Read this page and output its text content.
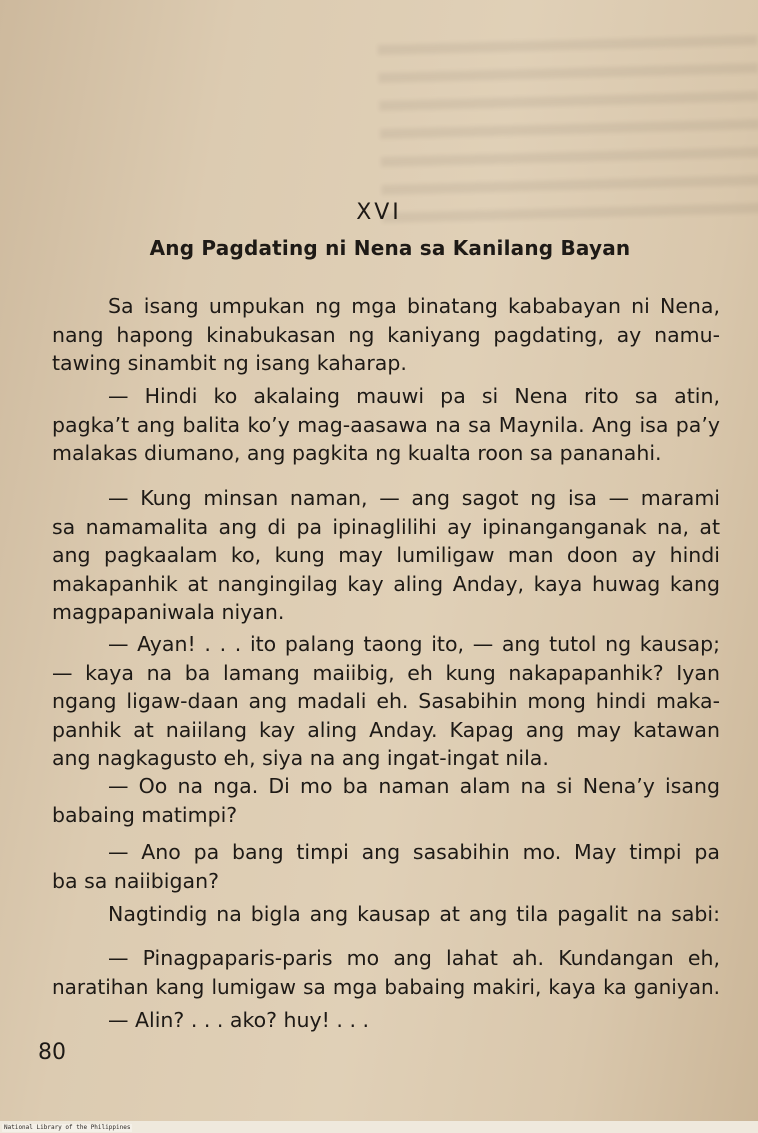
XVI
Ang Pagdating ni Nena sa Kanilang Bayan

Sa isang umpukan ng mga binatang kababayan ni Nena,
nang hapong kinabukasan ng kaniyang pagdating, ay namu-
tawing sinambit ng isang kaharap.

— Hindi ko akalaing mauwi pa si Nena rito sa atin,
pagka’t ang balita ko’y mag-aasawa na sa Maynila. Ang isa pa’y
malakas diumano, ang pagkita ng kualta roon sa pananahi.

— Kung minsan naman, — ang sagot ng isa — marami
sa namamalita ang di pa ipinaglilihi ay ipinanganganak na, at
ang pagkaalam ko, kung may lumiligaw man doon ay hindi
makapanhik at nangingilag kay aling Anday, kaya huwag kang
magpapaniwala niyan.

— Ayan! . . . ito palang taong ito, — ang tutol ng kausap;
— kaya na ba lamang maiibig, eh kung nakapapanhik? Iyan
ngang ligaw-daan ang madali eh. Sasabihin mong hindi maka-
panhik at naiilang kay aling Anday. Kapag ang may katawan
ang nagkagusto eh, siya na ang ingat-ingat nila.

— Oo na nga. Di mo ba naman alam na si Nena’y isang
babaing matimpi?

— Ano pa bang timpi ang sasabihin mo. May timpi pa
ba sa naiibigan?

Nagtindig na bigla ang kausap at ang tila pagalit na sabi:

— Pinagpaparis-paris mo ang lahat ah. Kundangan eh,
naratihan kang lumigaw sa mga babaing makiri, kaya ka ganiyan.

— Alin? . . . ako? huy! . . .

80
National Library of the Philippines
